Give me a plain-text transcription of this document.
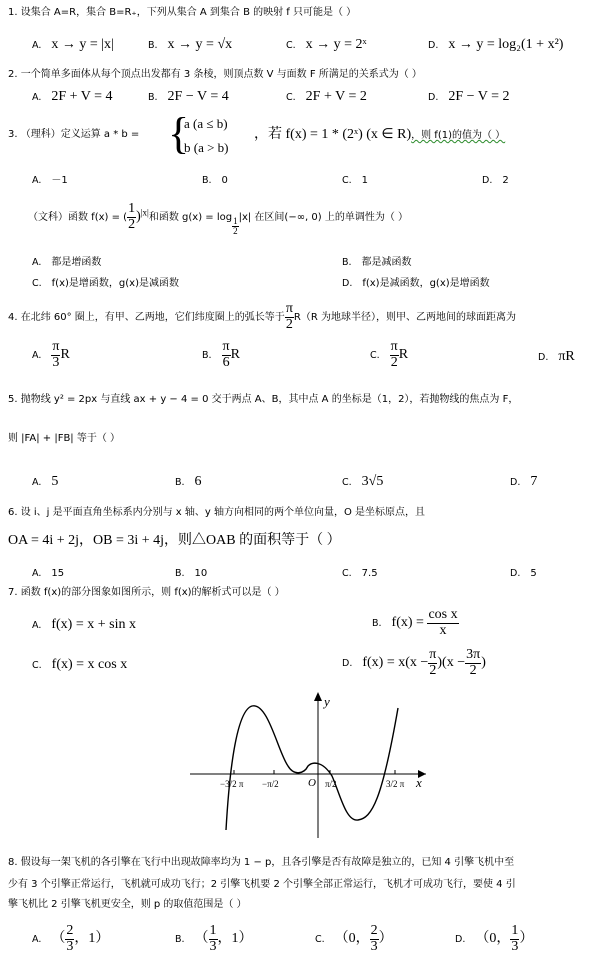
1. 设集合 A=R，集合 B=R₊，下列从集合 A 到集合 B 的映射 f 只可能是（ ）
A. x → y = |x|	B. x → y = √x	C. x → y = 2ˣ	D. x → y = log₂(1 + x²)
2. 一个简单多面体从每个顶点出发都有 3 条棱，则顶点数 V 与面数 F 所满足的关系式为（ ）
A. 2F + V = 4	B. 2F − V = 4	C. 2F + V = 2	D. 2F − V = 2
3. （理科）定义运算 a * b = {
a (a ≤ b)
b (a > b)
，若 f(x) = 1 * (2ˣ) (x ∈ R)，则 f(1)的值为（ ）
A. －1	B. 0	C. 1	D. 2
（文科）函数 f(x) = ( $\frac{1}{2} )^{|x|}$和函数 $g(x) = \log \frac{1}{2} |x|$ 在区间(−∞, 0) 上的单调性为（ ）
A. 都是增函数	B. 都是减函数
C. f(x)是增函数，g(x)是减函数	D. f(x)是减函数，g(x)是增函数
4. 在北纬 60° 圈上，有甲、乙两地，它们纬度圈上的弧长等于 $\frac{\pi}{2} R(R$ 为地球半径），则甲、乙两地间的球面距离为
A. $\frac{\pi}{3}$ R	B. $\frac{\pi}{6}$ R	C. $\frac{\pi}{2}$ R	D. πR
5. 抛物线 y² = 2px 与直线 ax + y − 4 = 0 交于两点 A、B，其中点 A 的坐标是（1，2），若抛物线的焦点为 F，
则 |FA| + |FB| 等于（ ）
A. 5	B. 6	C. 3√5	D. 7
6. 设 i、j 是平面直角坐标系内分别与 x 轴、y 轴方向相同的两个单位向量，O 是坐标原点，且
OA = 4i + 2j，OB = 3i + 4j，则△OAB 的面积等于（ ）
A. 15	B. 10	C. 7.5	D. 5
7. 函数 f(x)的部分图象如图所示，则 f(x)的解析式可以是（ ）
A. f(x) = x + sin x	B. $f(x) = \frac{\text{cos x}}{x}$
C. f(x) = x cos x	D. $f(x) = x(x - \frac{\pi}{2} )(x - \frac{3\pi}{2}$ )
y
x
O
−3/2 π −π/2	π/2	3/2 π
8. 假设每一架飞机的各引擎在飞行中出现故障率均为 1 − p，且各引擎是否有故障是独立的，已知 4 引擎飞机中至
少有 3 个引擎正常运行，飞机就可成功飞行；2 引擎飞机要 2 个引擎全部正常运行，飞机才可成功飞行，要使 4 引
擎飞机比 2 引擎飞机更安全，则 p 的取值范围是（ ）
A. （ $\frac{2}{3}$ ，1）	B. （ $\frac{1}{3}$ ，1）	C. （0， $\frac{2}{3}$ ）	D. （0， $\frac{1}{3}$ ）
